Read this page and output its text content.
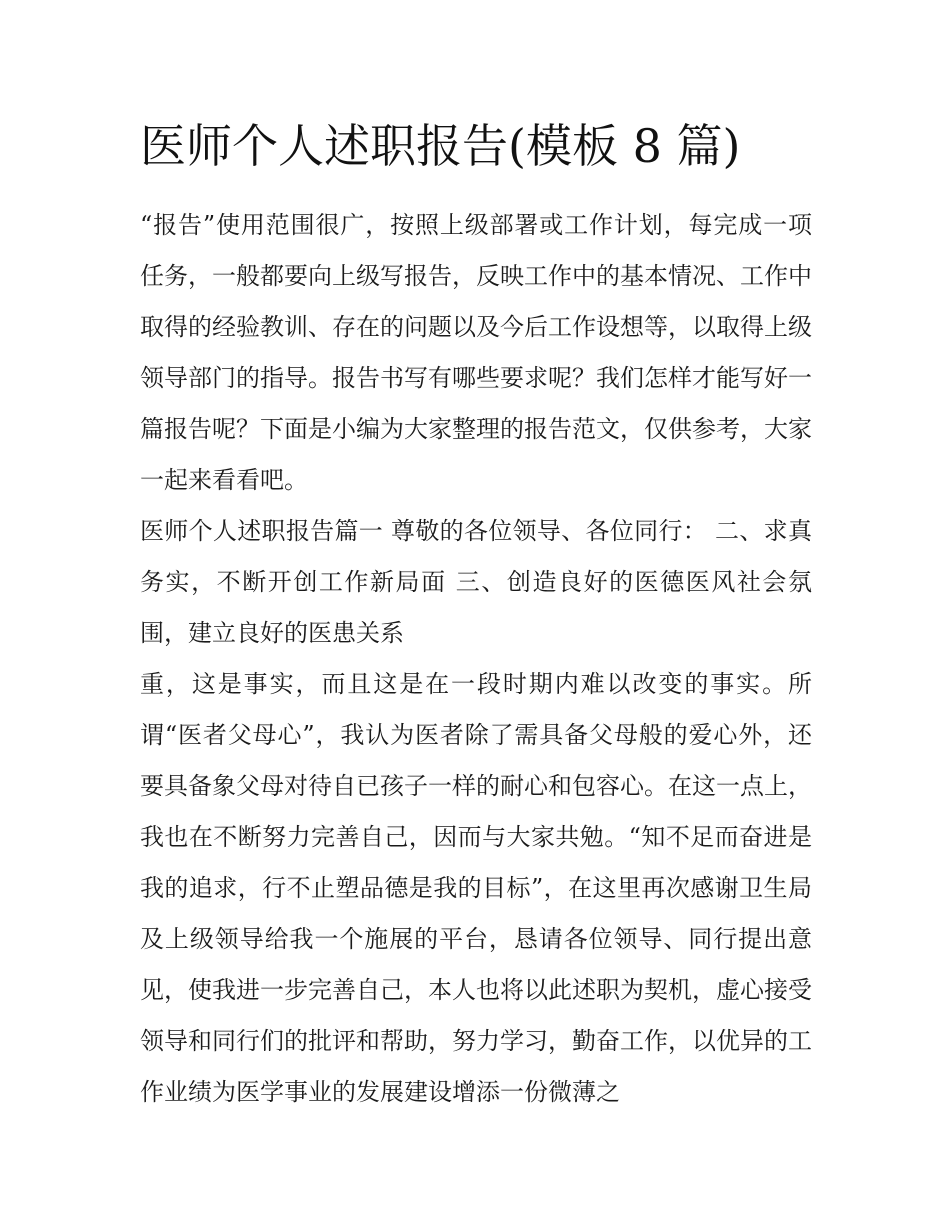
医师个人述职报告(模板 8 篇)

“报告”使用范围很广，按照上级部署或工作计划，每完成一项任务，一般都要向上级写报告，反映工作中的基本情况、工作中取得的经验教训、存在的问题以及今后工作设想等，以取得上级领导部门的指导。报告书写有哪些要求呢？我们怎样才能写好一篇报告呢？下面是小编为大家整理的报告范文，仅供参考，大家一起来看看吧。

医师个人述职报告篇一 尊敬的各位领导、各位同行： 二、求真务实，不断开创工作新局面 三、创造良好的医德医风社会氛围，建立良好的医患关系

重，这是事实，而且这是在一段时期内难以改变的事实。所谓“医者父母心”，我认为医者除了需具备父母般的爱心外，还要具备象父母对待自已孩子一样的耐心和包容心。在这一点上，我也在不断努力完善自己，因而与大家共勉。“知不足而奋进是我的追求，行不止塑品德是我的目标”，在这里再次感谢卫生局及上级领导给我一个施展的平台，恳请各位领导、同行提出意见，使我进一步完善自己，本人也将以此述职为契机，虚心接受领导和同行们的批评和帮助，努力学习，勤奋工作，以优异的工作业绩为医学事业的发展建设增添一份微薄之
